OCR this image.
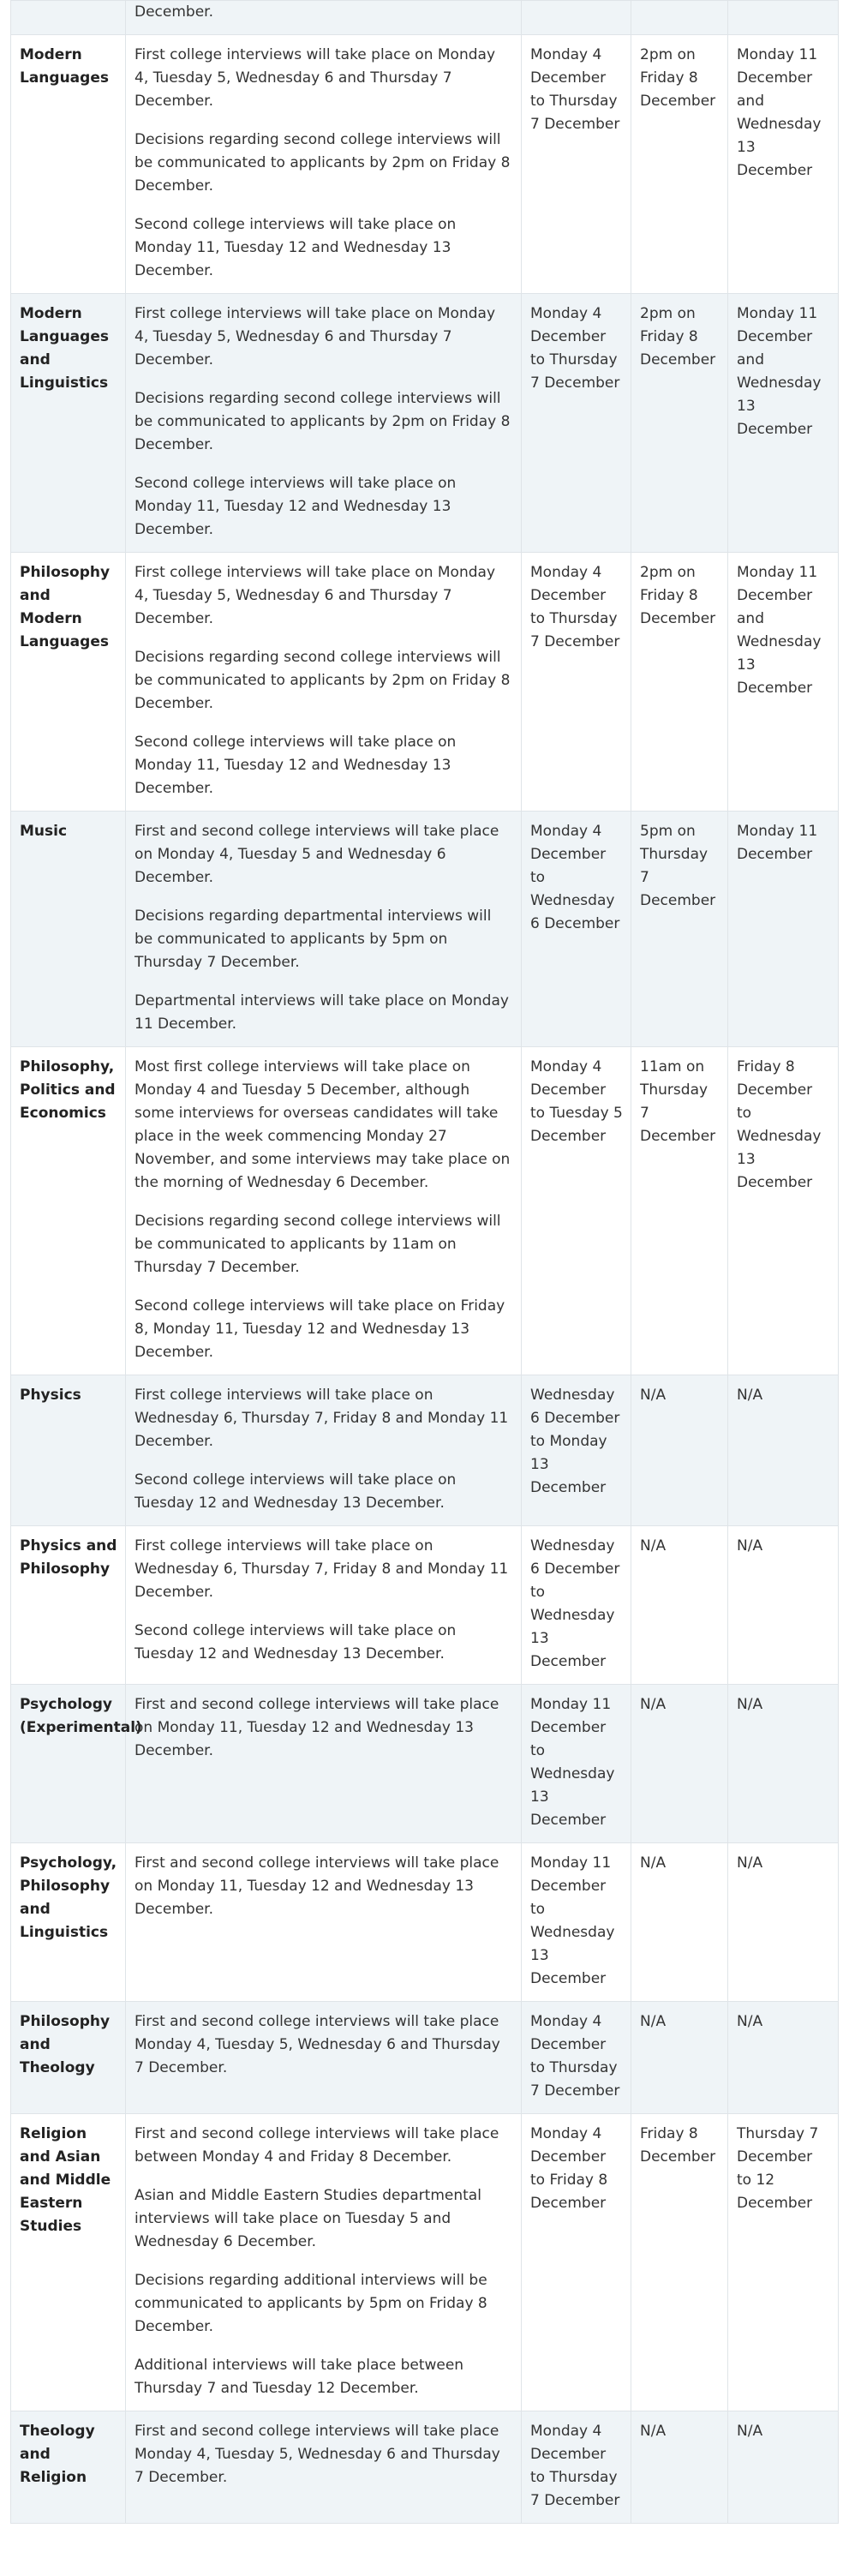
	December.			

Modern Languages	First college interviews will take place on Monday 4, Tuesday 5, Wednesday 6 and Thursday 7 December.

Decisions regarding second college interviews will be communicated to applicants by 2pm on Friday 8 December.

Second college interviews will take place on Monday 11, Tuesday 12 and Wednesday 13 December.	Monday 4 December to Thursday 7 December	2pm on Friday 8 December	Monday 11 December and Wednesday 13 December
Modern Languages and Linguistics	First college interviews will take place on Monday 4, Tuesday 5, Wednesday 6 and Thursday 7 December.

Decisions regarding second college interviews will be communicated to applicants by 2pm on Friday 8 December.

Second college interviews will take place on Monday 11, Tuesday 12 and Wednesday 13 December.	Monday 4 December to Thursday 7 December	2pm on Friday 8 December	Monday 11 December and Wednesday 13 December
Philosophy and Modern Languages	First college interviews will take place on Monday 4, Tuesday 5, Wednesday 6 and Thursday 7 December.

Decisions regarding second college interviews will be communicated to applicants by 2pm on Friday 8 December.

Second college interviews will take place on Monday 11, Tuesday 12 and Wednesday 13 December.	Monday 4 December to Thursday 7 December	2pm on Friday 8 December	Monday 11 December and Wednesday 13 December
Music	First and second college interviews will take place on Monday 4, Tuesday 5 and Wednesday 6 December.

Decisions regarding departmental interviews will be communicated to applicants by 5pm on Thursday 7 December.

Departmental interviews will take place on Monday 11 December.	Monday 4 December to Wednesday 6 December	5pm on Thursday 7 December	Monday 11 December
Philosophy, Politics and Economics	Most first college interviews will take place on Monday 4 and Tuesday 5 December, although some interviews for overseas candidates will take place in the week commencing Monday 27 November, and some interviews may take place on the morning of Wednesday 6 December.

Decisions regarding second college interviews will be communicated to applicants by 11am on Thursday 7 December.

Second college interviews will take place on Friday 8, Monday 11, Tuesday 12 and Wednesday 13 December.	Monday 4 December to Tuesday 5 December	11am on Thursday 7 December	Friday 8 December to Wednesday 13 December
Physics	First college interviews will take place on Wednesday 6, Thursday 7, Friday 8 and Monday 11 December.

Second college interviews will take place on Tuesday 12 and Wednesday 13 December.	Wednesday 6 December to Monday 13 December	N/A	N/A
Physics and Philosophy	First college interviews will take place on Wednesday 6, Thursday 7, Friday 8 and Monday 11 December.

Second college interviews will take place on Tuesday 12 and Wednesday 13 December.	Wednesday 6 December to Wednesday 13 December	N/A	N/A
Psychology (Experimental)	First and second college interviews will take place on Monday 11, Tuesday 12 and Wednesday 13 December.	Monday 11 December to Wednesday 13 December	N/A	N/A
Psychology, Philosophy and Linguistics	First and second college interviews will take place on Monday 11, Tuesday 12 and Wednesday 13 December.	Monday 11 December to Wednesday 13 December	N/A	N/A
Philosophy and Theology	First and second college interviews will take place Monday 4, Tuesday 5, Wednesday 6 and Thursday 7 December.	Monday 4 December to Thursday 7 December	N/A	N/A
Religion and Asian and Middle Eastern Studies	First and second college interviews will take place between Monday 4 and Friday 8 December.

Asian and Middle Eastern Studies departmental interviews will take place on Tuesday 5 and Wednesday 6 December.

Decisions regarding additional interviews will be communicated to applicants by 5pm on Friday 8 December.

Additional interviews will take place between Thursday 7 and Tuesday 12 December.	Monday 4 December to Friday 8 December	Friday 8 December	Thursday 7 December to 12 December
Theology and Religion	First and second college interviews will take place Monday 4, Tuesday 5, Wednesday 6 and Thursday 7 December.	Monday 4 December to Thursday 7 December	N/A	N/A
